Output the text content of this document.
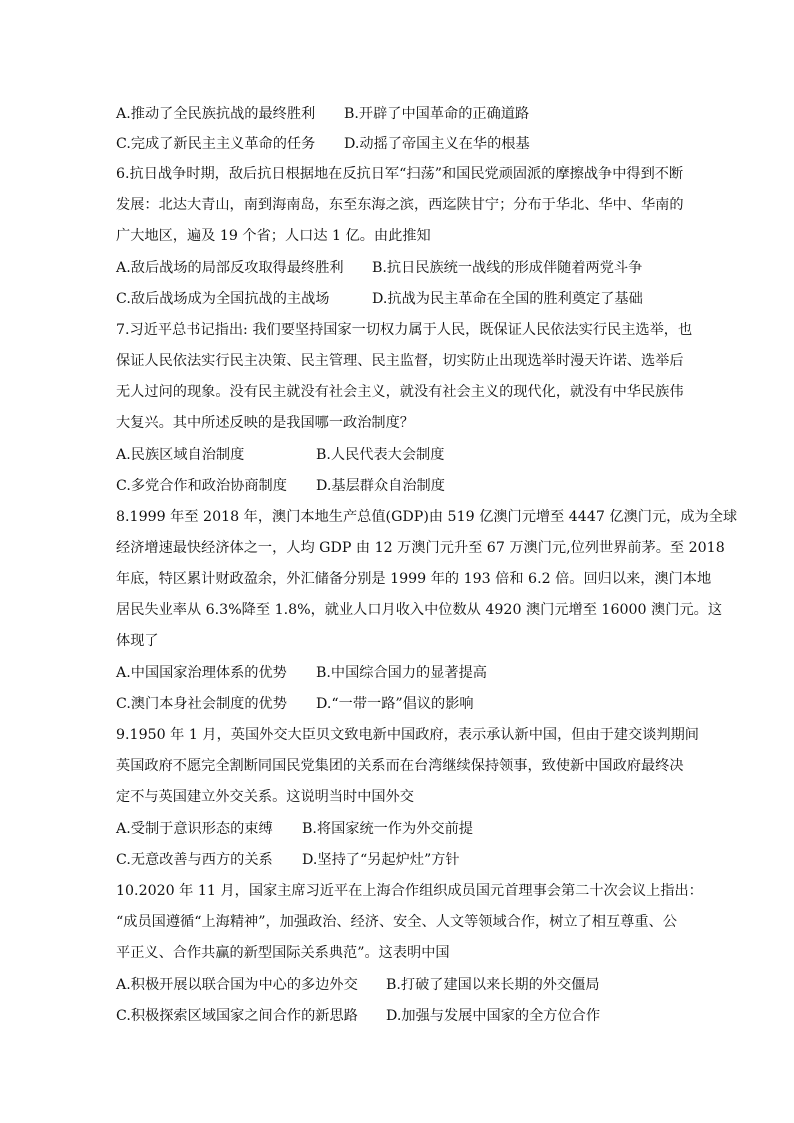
A.推动了全民族抗战的最终胜利 B.开辟了中国革命的正确道路
C.完成了新民主主义革命的任务 D.动摇了帝国主义在华的根基
6.抗日战争时期，敌后抗日根据地在反抗日军“扫荡”和国民党顽固派的摩擦战争中得到不断
发展：北达大青山，南到海南岛，东至东海之滨，西迄陕甘宁；分布于华北、华中、华南的
广大地区，遍及 19 个省；人口达 1 亿。由此推知
A.敌后战场的局部反攻取得最终胜利 B.抗日民族统一战线的形成伴随着两党斗争
C.敌后战场成为全国抗战的主战场	D.抗战为民主革命在全国的胜利奠定了基础
7.习近平总书记指出: 我们要坚持国家一切权力属于人民，既保证人民依法实行民主选举，也
保证人民依法实行民主决策、民主管理、民主监督，切实防止出现选举时漫天许诺、选举后
无人过问的现象。没有民主就没有社会主义，就没有社会主义的现代化，就没有中华民族伟
大复兴。其中所述反映的是我国哪一政治制度？
A.民族区域自治制度	B.人民代表大会制度
C.多党合作和政治协商制度 D.基层群众自治制度
8.1999 年至 2018 年，澳门本地生产总值(GDP)由 519 亿澳门元增至 4447 亿澳门元，成为全球
经济增速最快经济体之一，人均 GDP 由 12 万澳门元升至 67 万澳门元,位列世界前茅。至 2018
年底，特区累计财政盈余，外汇储备分别是 1999 年的 193 倍和 6.2 倍。回归以来，澳门本地
居民失业率从 6.3%降至 1.8%，就业人口月收入中位数从 4920 澳门元增至 16000 澳门元。这
体现了
A.中国国家治理体系的优势 B.中国综合国力的显著提高
C.澳门本身社会制度的优势 D.“一带一路”倡议的影响
9.1950 年 1 月，英国外交大臣贝文致电新中国政府，表示承认新中国，但由于建交谈判期间
英国政府不愿完全割断同国民党集团的关系而在台湾继续保持领事，致使新中国政府最终决
定不与英国建立外交关系。这说明当时中国外交
A.受制于意识形态的束缚 B.将国家统一作为外交前提
C.无意改善与西方的关系 D.坚持了“另起炉灶”方针
10.2020 年 11 月，国家主席习近平在上海合作组织成员国元首理事会第二十次会议上指出：
“成员国遵循“上海精神”，加强政治、经济、安全、人文等领域合作，树立了相互尊重、公
平正义、合作共赢的新型国际关系典范”。这表明中国
A.积极开展以联合国为中心的多边外交 B.打破了建国以来长期的外交僵局
C.积极探索区域国家之间合作的新思路 D.加强与发展中国家的全方位合作
